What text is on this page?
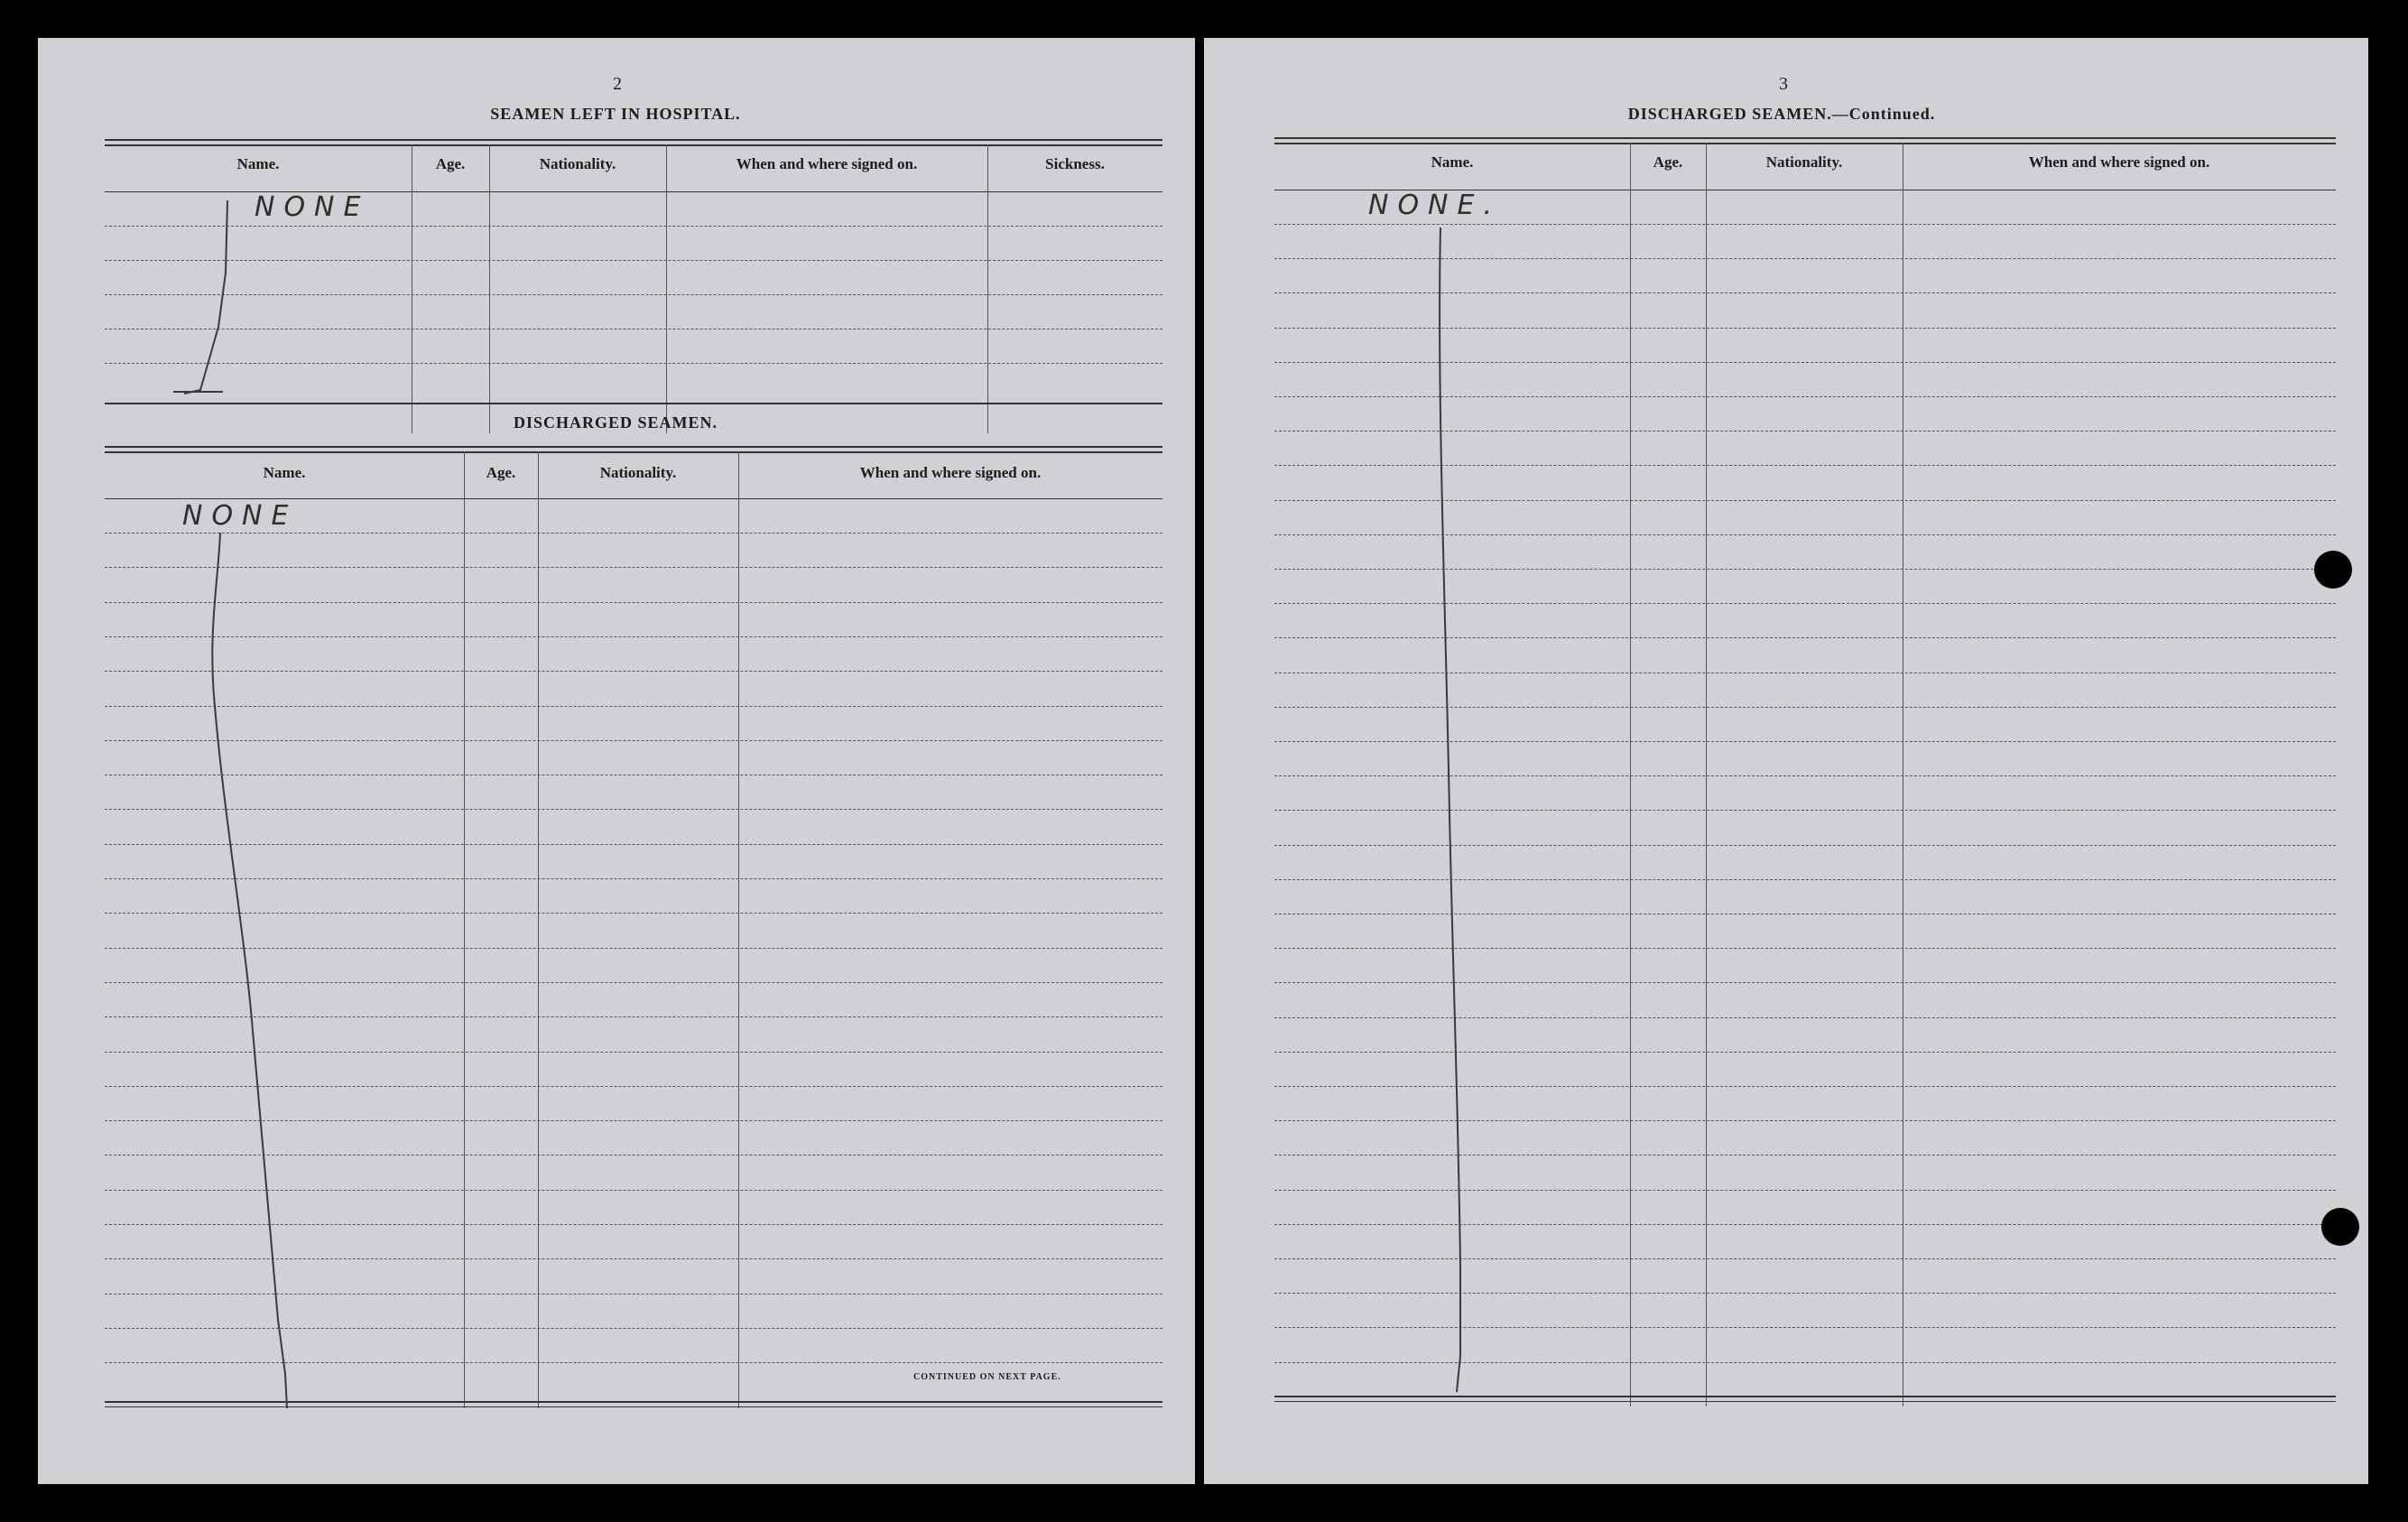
2
SEAMEN LEFT IN HOSPITAL.
Name.	Age.	Nationality.	When and where signed on.	Sickness.
NONE
DISCHARGED SEAMEN.
Name.	Age.	Nationality.	When and where signed on.
NONE
CONTINUED ON NEXT PAGE.
3
DISCHARGED SEAMEN.—Continued.
Name.	Age.	Nationality.	When and where signed on.
NONE.
